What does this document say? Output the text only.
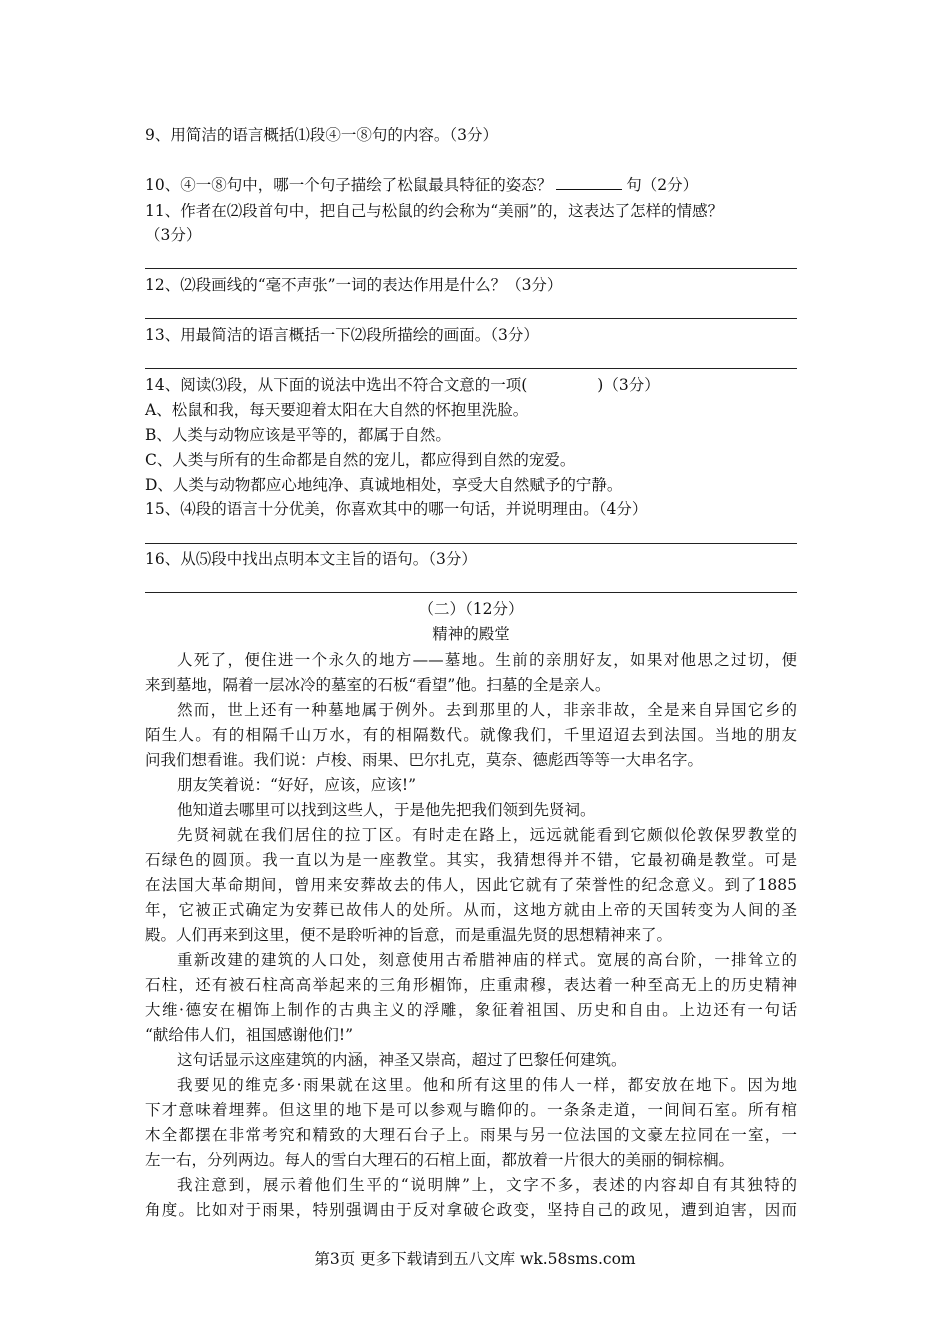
9、用简洁的语言概括⑴段④一⑧句的内容。（3分）
10、④一⑧句中，哪一个句子描绘了松鼠最具特征的姿态？	句（2分）
11、作者在⑵段首句中，把自己与松鼠的约会称为“美丽”的，这表达了怎样的情感？
（3分）
12、⑵段画线的“毫不声张”一词的表达作用是什么？（3分）
13、用最简洁的语言概括一下⑵段所描绘的画面。（3分）
14、阅读⑶段，从下面的说法中选出不符合文意的一项(	)（3分）
A、松鼠和我，每天要迎着太阳在大自然的怀抱里洗脸。
B、人类与动物应该是平等的，都属于自然。
C、人类与所有的生命都是自然的宠儿，都应得到自然的宠爱。
D、人类与动物都应心地纯净、真诚地相处，享受大自然赋予的宁静。
15、⑷段的语言十分优美，你喜欢其中的哪一句话，并说明理由。（4分）
16、从⑸段中找出点明本文主旨的语句。（3分）
（二）（12分）
精神的殿堂
人死了，便住进一个永久的地方——墓地。生前的亲朋好友，如果对他思之过切，便
来到墓地，隔着一层冰冷的墓室的石板“看望”他。扫墓的全是亲人。
然而，世上还有一种墓地属于例外。去到那里的人，非亲非故，全是来自异国它乡的
陌生人。有的相隔千山万水，有的相隔数代。就像我们，千里迢迢去到法国。当地的朋友
问我们想看谁。我们说：卢梭、雨果、巴尔扎克，莫奈、德彪西等等一大串名字。
朋友笑着说：“好好，应该，应该!”
他知道去哪里可以找到这些人，于是他先把我们领到先贤祠。
先贤祠就在我们居住的拉丁区。有时走在路上，远远就能看到它颇似伦敦保罗教堂的
石绿色的圆顶。我一直以为是一座教堂。其实，我猜想得并不错，它最初确是教堂。可是
在法国大革命期间，曾用来安葬故去的伟人，因此它就有了荣誉性的纪念意义。到了1885
年，它被正式确定为安葬已故伟人的处所。从而，这地方就由上帝的天国转变为人间的圣
殿。人们再来到这里，便不是聆听神的旨意，而是重温先贤的思想精神来了。
重新改建的建筑的人口处，刻意使用古希腊神庙的样式。宽展的高台阶，一排耸立的
石柱，还有被石柱高高举起来的三角形楣饰，庄重肃穆，表达着一种至高无上的历史精神
大维·德安在楣饰上制作的古典主义的浮雕，象征着祖国、历史和自由。上边还有一句话
“献给伟人们，祖国感谢他们!”
这句话显示这座建筑的内涵，神圣又崇高，超过了巴黎任何建筑。
我要见的维克多·雨果就在这里。他和所有这里的伟人一样，都安放在地下。因为地
下才意味着埋葬。但这里的地下是可以参观与瞻仰的。一条条走道，一间间石室。所有棺
木全都摆在非常考究和精致的大理石台子上。雨果与另一位法国的文豪左拉同在一室，一
左一右，分列两边。每人的雪白大理石的石棺上面，都放着一片很大的美丽的铜棕榈。
我注意到，展示着他们生平的“说明牌”上，文字不多，表述的内容却自有其独特的
角度。比如对于雨果，特别强调由于反对拿破仑政变，坚持自己的政见，遭到迫害，因而
第3页 更多下载请到五八文库 wk.58sms.com
